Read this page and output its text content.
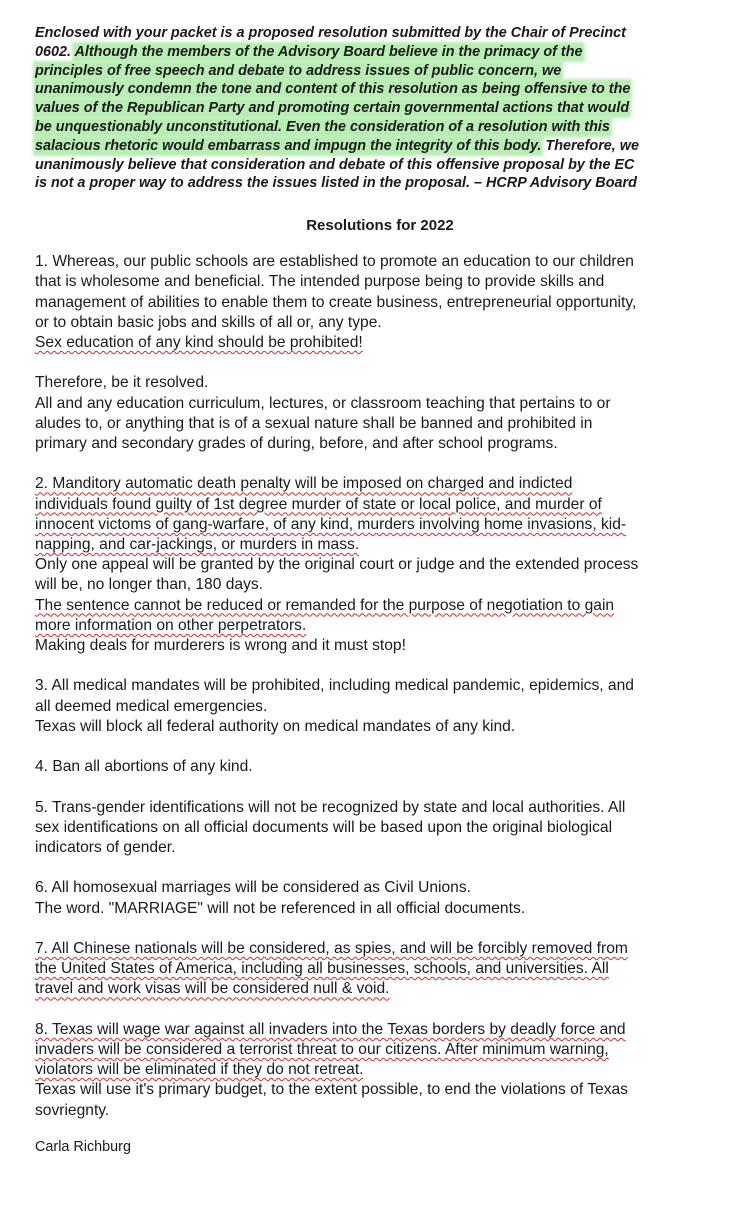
Enclosed with your packet is a proposed resolution submitted by the Chair of Precinct
0602. Although the members of the Advisory Board believe in the primacy of the
principles of free speech and debate to address issues of public concern, we
unanimously condemn the tone and content of this resolution as being offensive to the
values of the Republican Party and promoting certain governmental actions that would
be unquestionably unconstitutional. Even the consideration of a resolution with this
salacious rhetoric would embarrass and impugn the integrity of this body. Therefore, we
unanimously believe that consideration and debate of this offensive proposal by the EC
is not a proper way to address the issues listed in the proposal. – HCRP Advisory Board
Resolutions for 2022
1. Whereas, our public schools are established to promote an education to our children
that is wholesome and beneficial. The intended purpose being to provide skills and
management of abilities to enable them to create business, entrepreneurial opportunity,
or to obtain basic jobs and skills of all or, any type.
Sex education of any kind should be prohibited!
Therefore, be it resolved.
All and any education curriculum, lectures, or classroom teaching that pertains to or
aludes to, or anything that is of a sexual nature shall be banned and prohibited in
primary and secondary grades of during, before, and after school programs.
2. Manditory automatic death penalty will be imposed on charged and indicted
individuals found guilty of 1st degree murder of state or local police, and murder of
innocent victoms of gang-warfare, of any kind, murders involving home invasions, kid-
napping, and car-jackings, or murders in mass.
Only one appeal will be granted by the original court or judge and the extended process
will be, no longer than, 180 days.
The sentence cannot be reduced or remanded for the purpose of negotiation to gain
more information on other perpetrators.
Making deals for murderers is wrong and it must stop!
3. All medical mandates will be prohibited, including medical pandemic, epidemics, and
all deemed medical emergencies.
Texas will block all federal authority on medical mandates of any kind.
4. Ban all abortions of any kind.
5. Trans-gender identifications will not be recognized by state and local authorities. All
sex identifications on all official documents will be based upon the original biological
indicators of gender.
6. All homosexual marriages will be considered as Civil Unions.
The word. "MARRIAGE" will not be referenced in all official documents.
7. All Chinese nationals will be considered, as spies, and will be forcibly removed from
the United States of America, including all businesses, schools, and universities. All
travel and work visas will be considered null & void.
8. Texas will wage war against all invaders into the Texas borders by deadly force and
invaders will be considered a terrorist threat to our citizens. After minimum warning,
violators will be eliminated if they do not retreat.
Texas will use it's primary budget, to the extent possible, to end the violations of Texas
sovriegnty.
Carla Richburg
